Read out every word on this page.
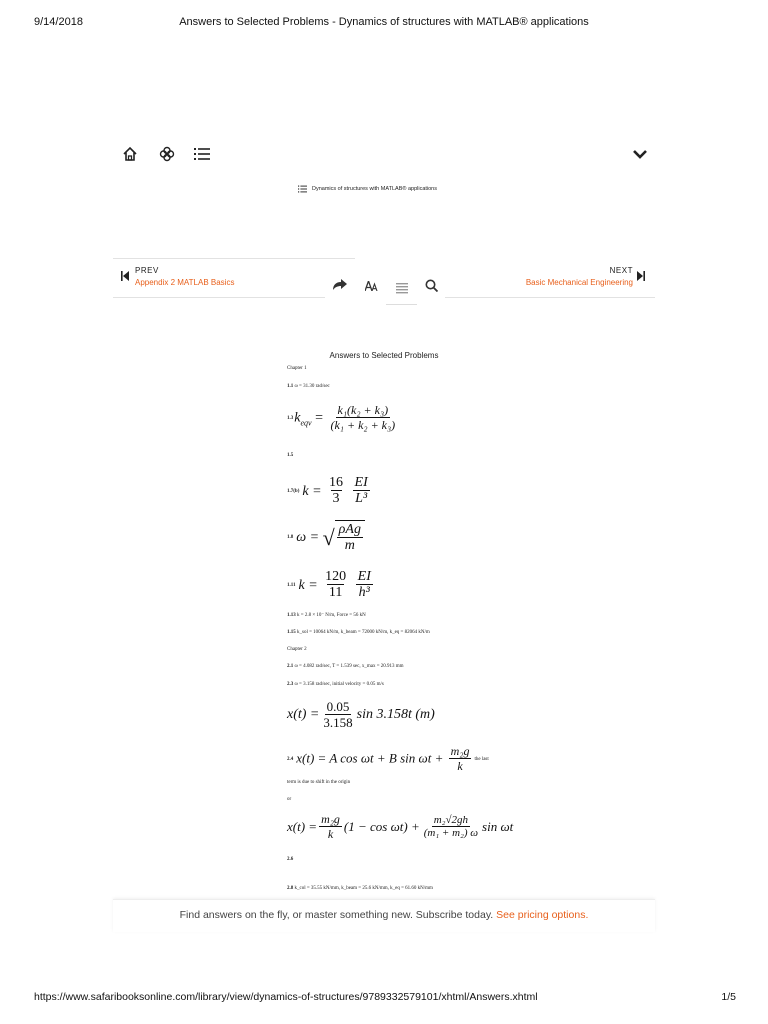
9/14/2018	Answers to Selected Problems - Dynamics of structures with MATLAB® applications
Dynamics of structures with MATLAB® applications
PREV
Appendix 2 MATLAB Basics
NEXT
Basic Mechanical Engineering
Answers to Selected Problems
Chapter 1
1.1 ω = 31.30 rad/sec
1.3 $k_{eqv} = \frac{\text{k₁(k₂ + k₃)}}{\text{(k₁ + k₂ + k₃)}}$
1.5
1.7(b) $k = \frac{16}{3}$
$\frac{EI}{\text{L³}}$
1.8 ω = √ $\frac{\text{ρAg}}{m}$
1.11 $k = \frac{120}{11}$
$\frac{EI}{\text{h³}}$
1.13 k = 2.8 × 10⁻ N/m, Force = 56 kN
1.15 k_sol = 10064 kN/m, k_beam = 72000 kN/m, k_eq = 82064 kN/m
Chapter 2
2.1 ω = 4.082 rad/sec, T = 1.539 sec, x_max = 20.913 mm
2.3 ω = 3.158 rad/sec, initial velocity = 0.05 m/s
$x(t) = \frac{0.05}{3.158}$ sin 3.158t (m)
2.4 x(t) = A cos ωt + B $\sin \omega t + \frac{\text{m₂g}}{k}$ the last
term is due to shift in the origin
or
$x(t) = \frac{\text{m₂g}}{k} (1 - \cos \omega t) + \frac{\text{m₂√2gh}}{\text{(m₁ + m₂) ω}}$ sin ωt
2.6
2.8 k_col = 35.55 kN/mm, k_beam = 25.6 kN/mm, k_eq = 61.60 kN/mm
Find answers on the fly, or master something new. Subscribe today. See pricing options.
https://www.safaribooksonline.com/library/view/dynamics-of-structures/9789332579101/xhtml/Answers.xhtml	1/5
